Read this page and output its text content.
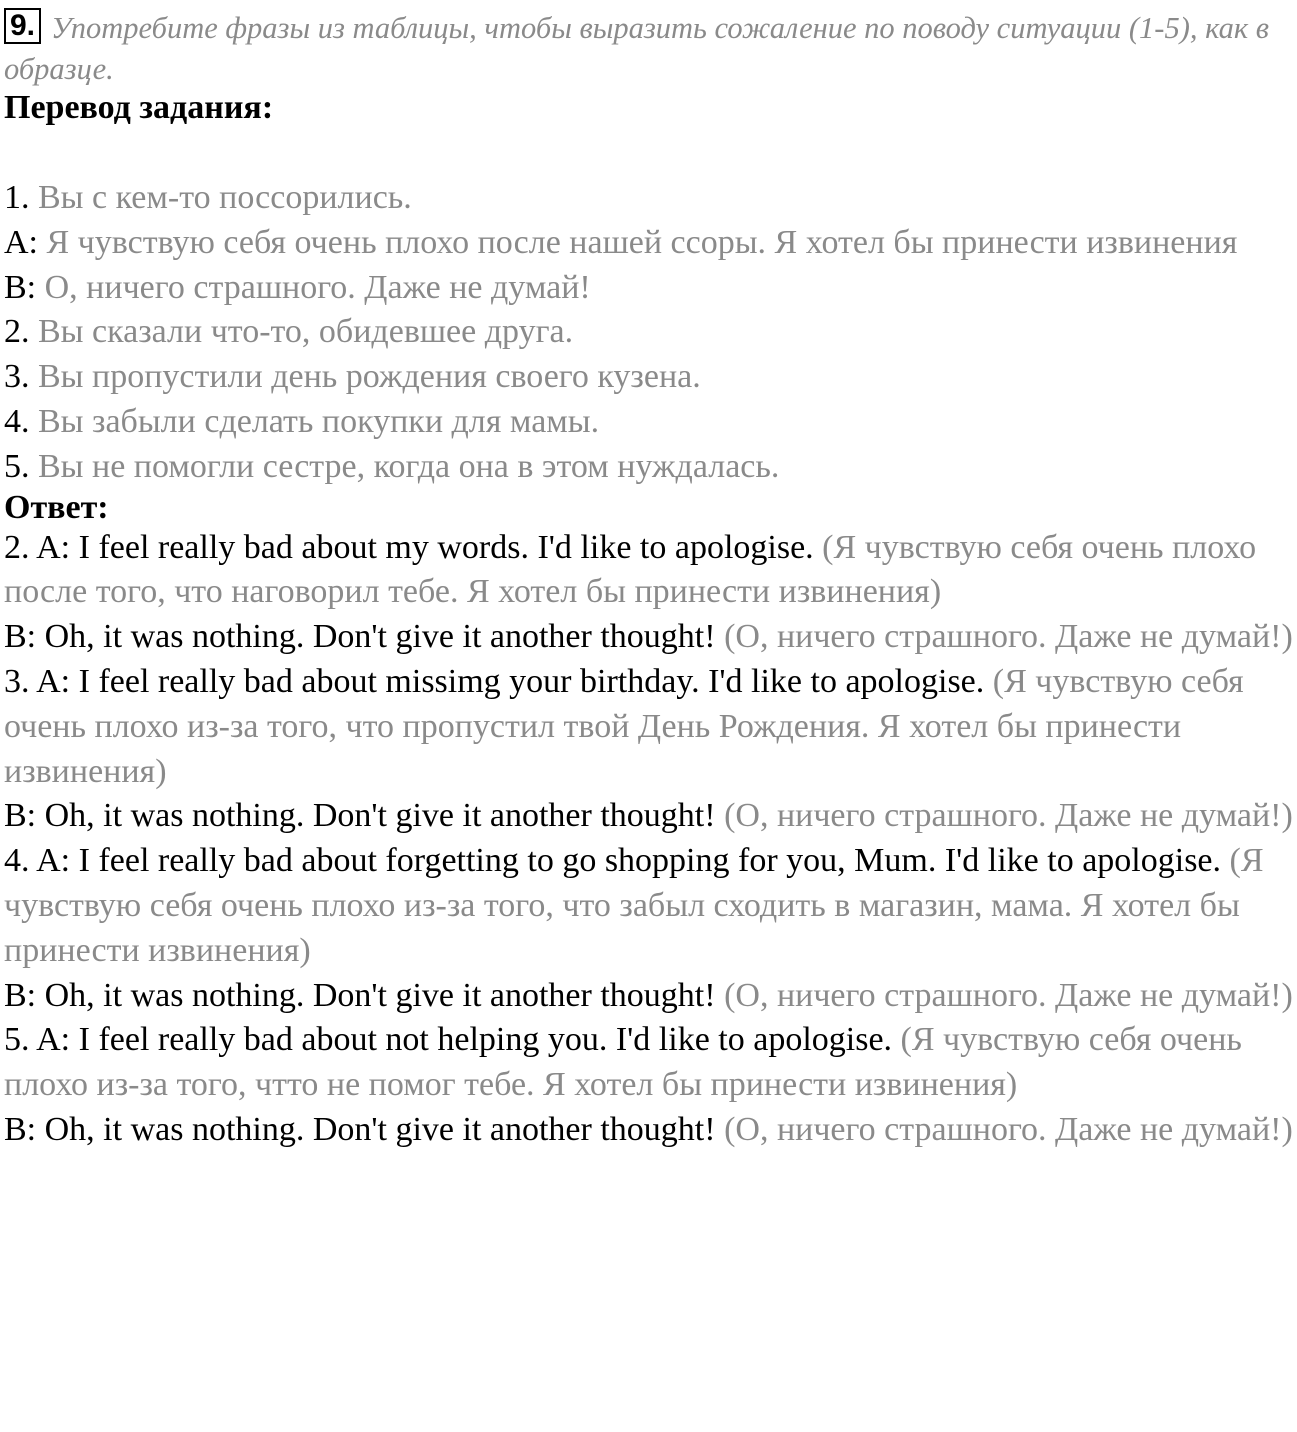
9. Употребите фразы из таблицы, чтобы выразить сожаление по поводу ситуации (1-5), как в образце.

Перевод задания:

1. Вы с кем-то поссорились.

A: Я чувствую себя очень плохо после нашей ссоры. Я хотел бы принести извинения

B: О, ничего страшного. Даже не думай!

2. Вы сказали что-то, обидевшее друга.

3. Вы пропустили день рождения своего кузена.

4. Вы забыли сделать покупки для мамы.

5. Вы не помогли сестре, когда она в этом нуждалась.

Ответ:

2. A: I feel really bad about my words. I'd like to apologise. (Я чувствую себя очень плохо после того, что наговорил тебе. Я хотел бы принести извинения)

B: Oh, it was nothing. Don't give it another thought! (О, ничего страшного. Даже не думай!)

3. A: I feel really bad about missimg your birthday. I'd like to apologise. (Я чувствую себя очень плохо из-за того, что пропустил твой День Рождения. Я хотел бы принести извинения)

B: Oh, it was nothing. Don't give it another thought! (О, ничего страшного. Даже не думай!)

4. A: I feel really bad about forgetting to go shopping for you, Mum. I'd like to apologise. (Я чувствую себя очень плохо из-за того, что забыл сходить в магазин, мама. Я хотел бы принести извинения)

B: Oh, it was nothing. Don't give it another thought! (О, ничего страшного. Даже не думай!)

5. A: I feel really bad about not helping you. I'd like to apologise. (Я чувствую себя очень плохо из-за того, чтто не помог тебе. Я хотел бы принести извинения)

B: Oh, it was nothing. Don't give it another thought! (О, ничего страшного. Даже не думай!)
